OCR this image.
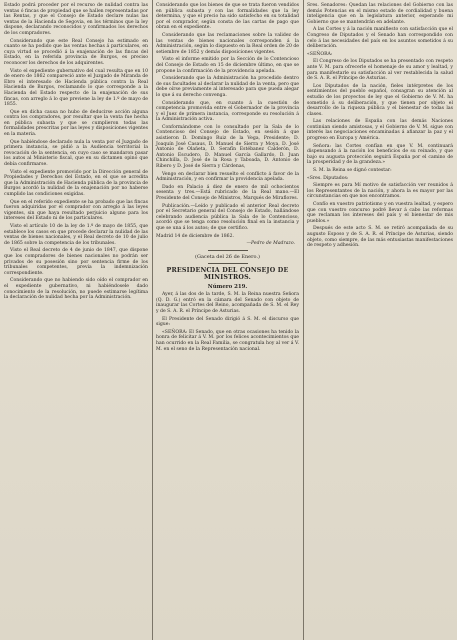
Estado podrá proceder por el recurso de nulidad contra las ventas ó fincas de propiedad que se hallen representadas por las Rentas, y que el Consejo de Estado declare nulas las ventas de la Hacienda de Segovia, en los términos que la ley dispone, declarando reconocidos y confirmados los derechos de los compradores.

Considerando que este Real Consejo ha estimado en cuanto se ha podido que las ventas hechas á particulares, en cuya virtud se procedió á la enajenación de las fincas del Estado, en la referida provincia de Burgos, es preciso reconocer los derechos de los adquirentes.

Visto el expediente gubernativo del cual resulta que en 10 de enero de 1862 compareció ante el Juzgado de Miranda de Ebro el interesado de Hacienda pública contra la Real Hacienda de Burgos, reclamando lo que corresponde a la Hacienda del Estado respecto de la enajenación de sus fincas, con arreglo á lo que previene la ley de 1.º de mayo de 1855.

Que en dicha causa no hubo de deducirse acción alguna contra los compradores, por resultar que la venta fue hecha en pública subasta y que se cumplieron todas las formalidades prescritas por las leyes y disposiciones vigentes en la materia.

Que habiéndose declarado nula la venta por el Juzgado de primera instancia, se pidió a la Audiencia territorial la revocación de la sentencia, en cuyo caso se mandaron pasar los autos al Ministerio fiscal, que en su dictamen opinó que debía confirmarse.

Visto el expediente promovido por la Dirección general de Propiedades y Derechos del Estado, en el que se acredita que la Administración de Hacienda pública de la provincia de Burgos acordó la nulidad de la enajenación por no haberse cumplido las condiciones exigidas.

Que en el referido expediente se ha probado que las fincas fueron adquiridas por el comprador con arreglo á las leyes vigentes, sin que haya resultado perjuicio alguno para los intereses del Estado ni de los particulares.

Visto el artículo 10 de la ley de 1.º de mayo de 1855, que establece los casos en que procede declarar la nulidad de las ventas de bienes nacionales, y el Real decreto de 10 de julio de 1865 sobre la competencia de los tribunales.

Visto el Real decreto de 4 de junio de 1847, que dispone que los compradores de bienes nacionales no podrán ser privados de su posesión sino por sentencia firme de los tribunales competentes, previa la indemnización correspondiente.

Considerando que no habiendo sido oído el comprador en el expediente gubernativo, ni habiéndosele dado conocimiento de la resolución, no puede estimarse legítima la declaración de nulidad hecha por la Administración.

Considerando que los bienes de que se trata fueron vendidos en pública subasta y con las formalidades que la ley determina, y que el precio ha sido satisfecho en su totalidad por el comprador, según consta de las cartas de pago que obran en el expediente.

Considerando que las reclamaciones sobre la validez de las ventas de bienes nacionales corresponden á la Administración, según lo dispuesto en la Real orden de 20 de setiembre de 1852 y demás disposiciones vigentes.

Visto el informe emitido por la Sección de lo Contencioso del Consejo de Estado en 15 de diciembre último, en que se propone la confirmación de la providencia apelada.

Considerando que la Administración ha procedido dentro de sus facultades al declarar la nulidad de la venta, pero que debe oírse previamente al interesado para que pueda alegar lo que á su derecho convenga.

Considerando que, en cuanto á la cuestión de competencia promovida entre el Gobernador de la provincia y el Juez de primera instancia, corresponde su resolución á la Administración activa.

Conformándome con lo consultado por la Sala de lo Contencioso del Consejo de Estado, en sesión á que asistieron D. Domingo Ruiz de la Vega, Presidente; D. Joaquín José Casaus, D. Manuel de Sierra y Moya, D. José Antonio de Olañeta, D. Serafín Estébanez Calderón, D. Antonio Escudero, D. Manuel García Gallardo, D. Juan Chinchilla, D. José de la Rosa y Taboada, D. Antonio de Ribero y D. José de Sierra y Cárdenas,

Vengo en declarar bien resuelto el conflicto á favor de la Administración, y en confirmar la providencia apelada.

Dado en Palacio á diez de enero de mil ochocientos sesenta y tres.—Está rubricado de la Real mano.—El Presidente del Consejo de Ministros, Marqués de Miraflores.

Publicación.—Leído y publicado el anterior Real decreto por el Secretario general del Consejo de Estado, hallándose celebrando audiencia pública la Sala de lo Contencioso, acordó que se tenga como resolución final en la instancia y que se una á los autos; de que certifico.

Madrid 14 de diciembre de 1862.

—Pedro de Madrazo.

(Gaceta del 26 de Enero.)
PRESIDENCIA DEL CONSEJO DE MINISTROS.
Número 219.

Ayer, á las dos de la tarde, S. M. la Reina nuestra Señora (Q. D. G.) entró en la cámara del Senado con objeto de inaugurar las Cortes del Reino, acompañada de S. M. el Rey y de S. A. R. el Príncipe de Asturias.

El Presidente del Senado dirigió á S. M. el discurso que sigue:

«SEÑORA: El Senado, que en otras ocasiones ha tenido la honra de felicitar á V. M. por los felices acontecimientos que han ocurrido en la Real Familia, se congratula hoy al ver á V. M. en el seno de la Representación nacional.

Sres. Senadores: Quedan las relaciones del Gobierno con las demás Potencias en el mismo estado de cordialidad y buena inteligencia que en la legislatura anterior, esperando mi Gobierno que se mantendrán en adelante.

A las Cortes y á la nación manifiesto con satisfacción que el Congreso de Diputados y el Senado han correspondido con celo á las necesidades del país en los asuntos sometidos á su deliberación.

«SEÑORA:

El Congreso de los Diputados se ha presentado con respeto ante V. M. para ofrecerle el homenaje de su amor y lealtad, y para manifestarle su satisfacción al ver restablecida la salud de S. A. R. el Príncipe de Asturias.

Los Diputados de la nación, fieles intérpretes de los sentimientos del pueblo español, consagran su atención al estudio de los proyectos de ley que el Gobierno de V. M. ha sometido á su deliberación, y que tienen por objeto el desarrollo de la riqueza pública y el bienestar de todas las clases.

Las relaciones de España con las demás Naciones continúan siendo amistosas, y el Gobierno de V. M. sigue con interés las negociaciones encaminadas á afianzar la paz y el progreso en Europa y América.

Señora: las Cortes confían en que V. M. continuará dispensando á la nación los beneficios de su reinado, y que bajo su augusta protección seguirá España por el camino de la prosperidad y de la grandeza.»

S. M. la Reina se dignó contestar:

«Sres. Diputados:

Siempre es para Mí motivo de satisfacción ver reunidos á los Representantes de la nación, y ahora la es mayor por las circunstancias en que nos encontramos.

Confío en vuestro patriotismo y en vuestra lealtad, y espero que con vuestro concurso podré llevar á cabo las reformas que reclaman los intereses del país y el bienestar de mis pueblos.»

Después de este acto S. M. se retiró acompañada de su augusto Esposo y de S. A. R. el Príncipe de Asturias, siendo objeto, como siempre, de las más entusiastas manifestaciones de respeto y adhesión.
